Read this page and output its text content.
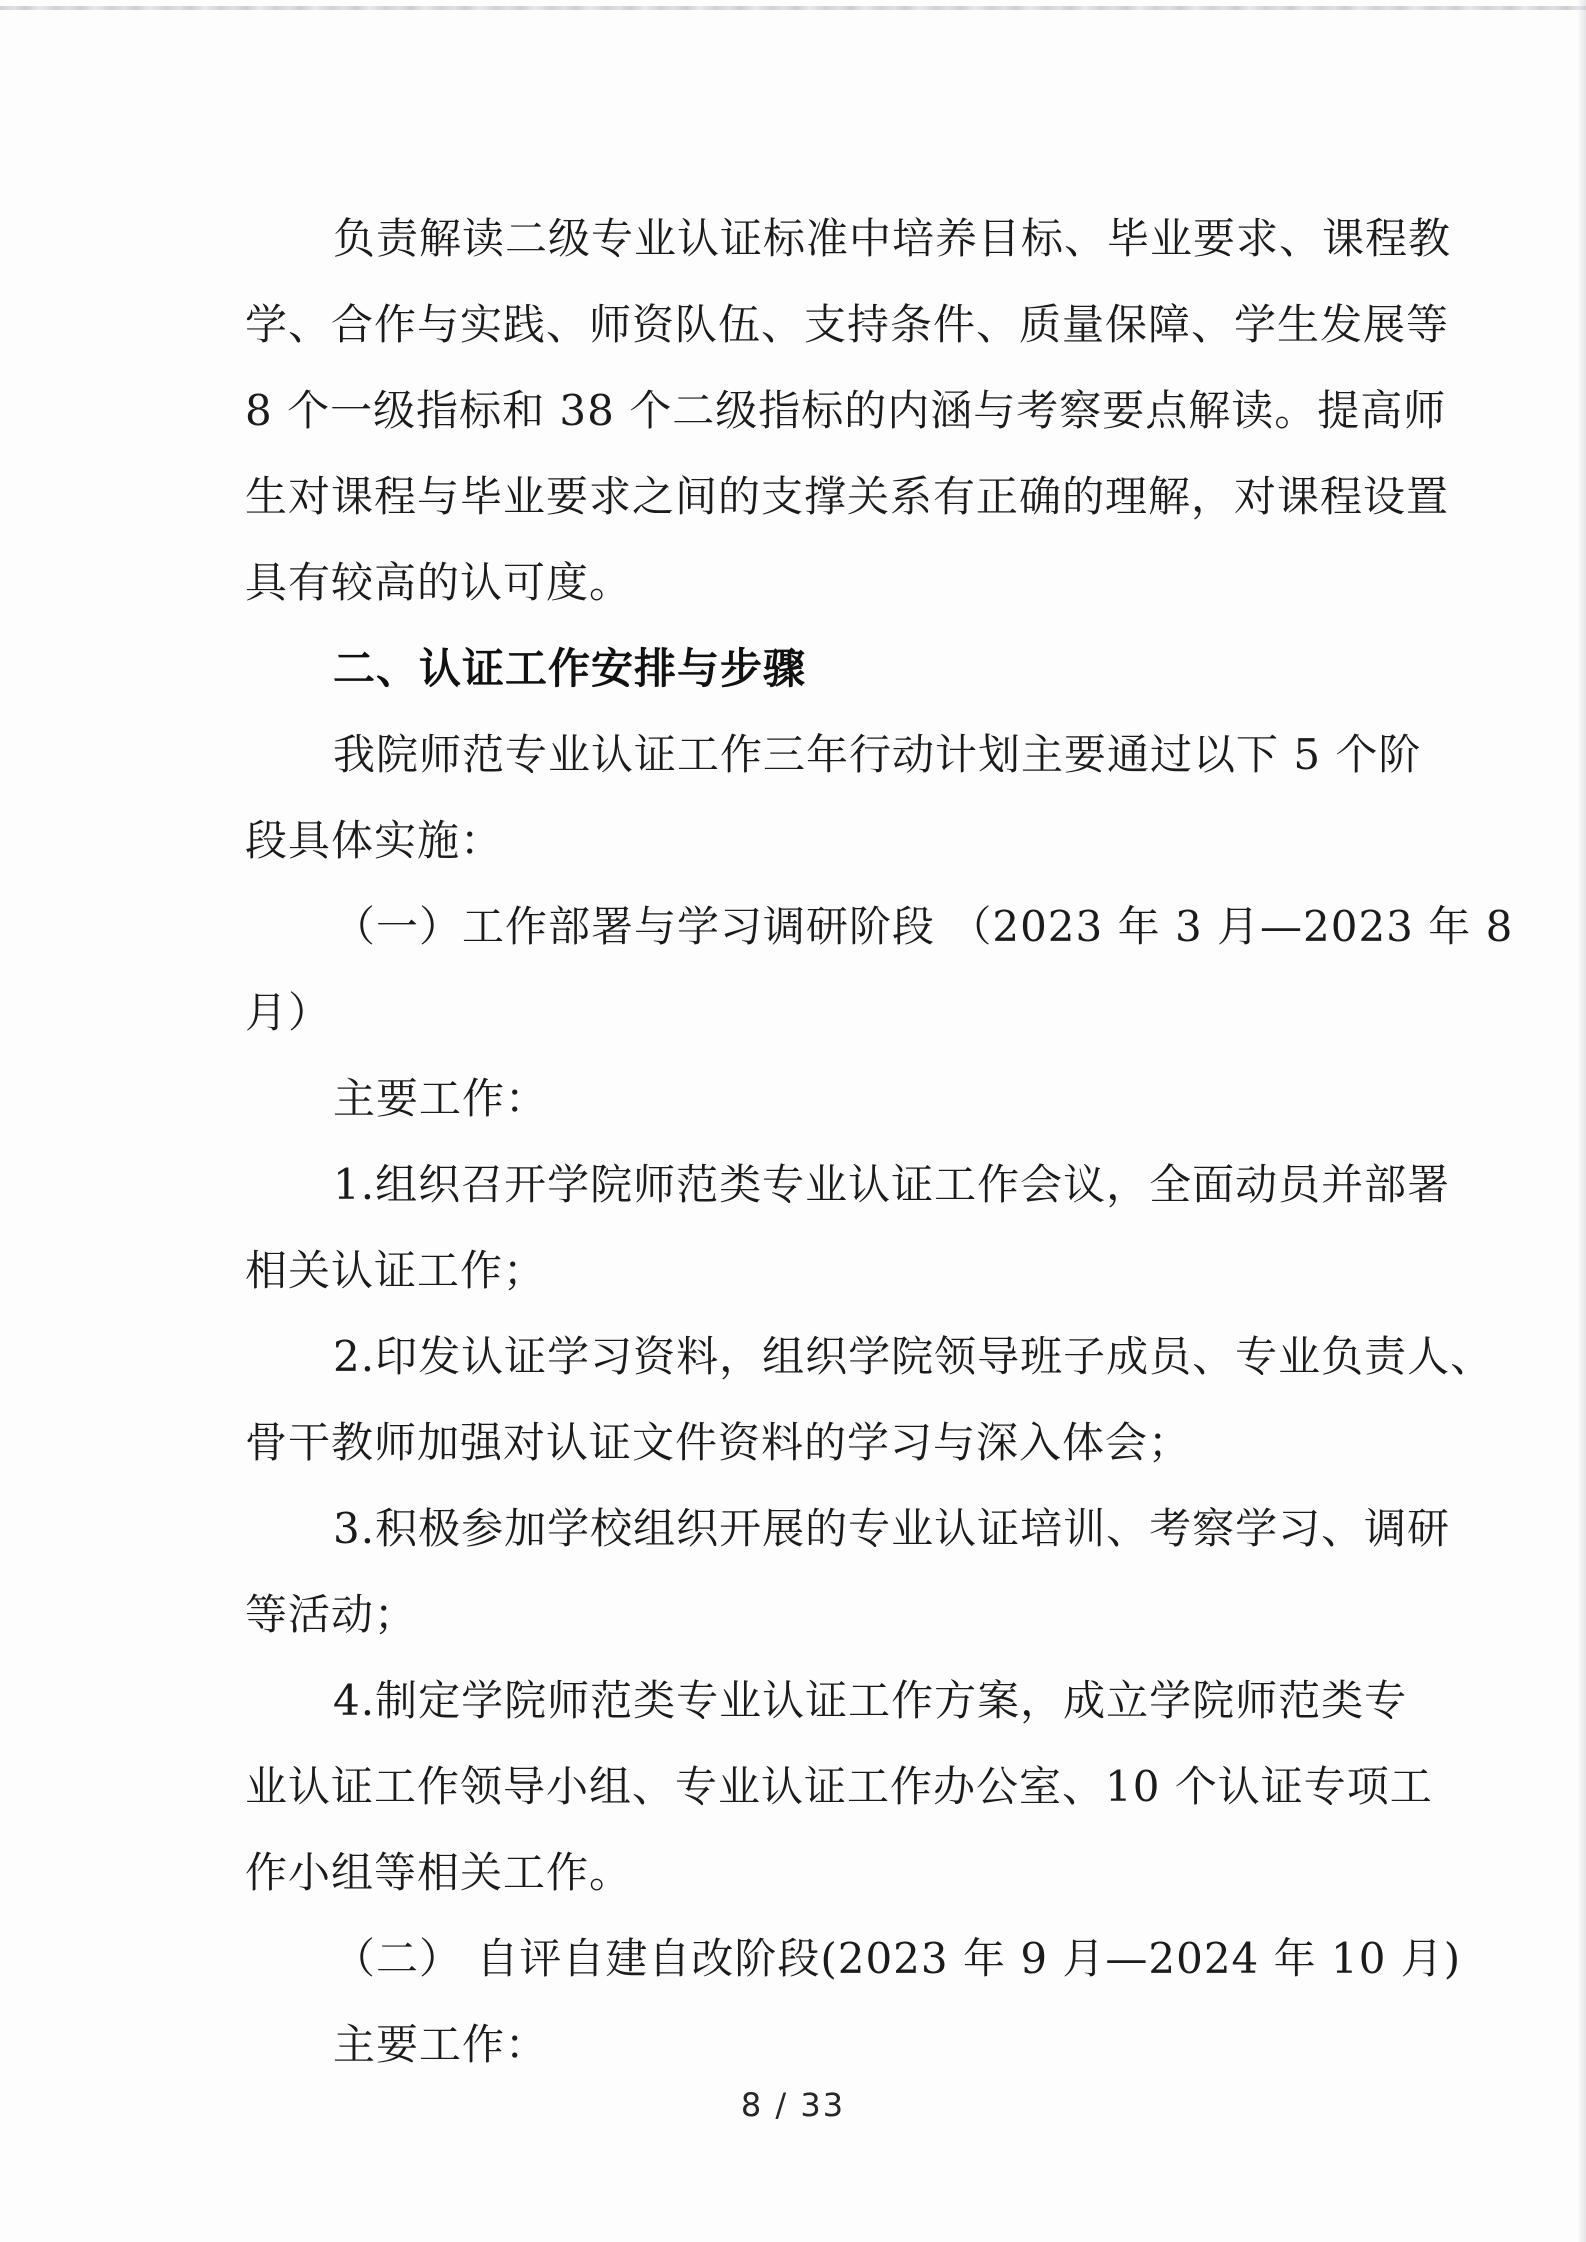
负责解读二级专业认证标准中培养目标、毕业要求、课程教
学、合作与实践、师资队伍、支持条件、质量保障、学生发展等
8 个一级指标和 38 个二级指标的内涵与考察要点解读。提高师
生对课程与毕业要求之间的支撑关系有正确的理解，对课程设置
具有较高的认可度。
二、认证工作安排与步骤
我院师范专业认证工作三年行动计划主要通过以下 5 个阶
段具体实施：
（一）工作部署与学习调研阶段 （2023 年 3 月—2023 年 8
月）
主要工作：
1.组织召开学院师范类专业认证工作会议，全面动员并部署
相关认证工作；
2.印发认证学习资料，组织学院领导班子成员、专业负责人、
骨干教师加强对认证文件资料的学习与深入体会；
3.积极参加学校组织开展的专业认证培训、考察学习、调研
等活动；
4.制定学院师范类专业认证工作方案，成立学院师范类专
业认证工作领导小组、专业认证工作办公室、10 个认证专项工
作小组等相关工作。
（二） 自评自建自改阶段(2023 年 9 月—2024 年 10 月)
主要工作：
8 / 33
